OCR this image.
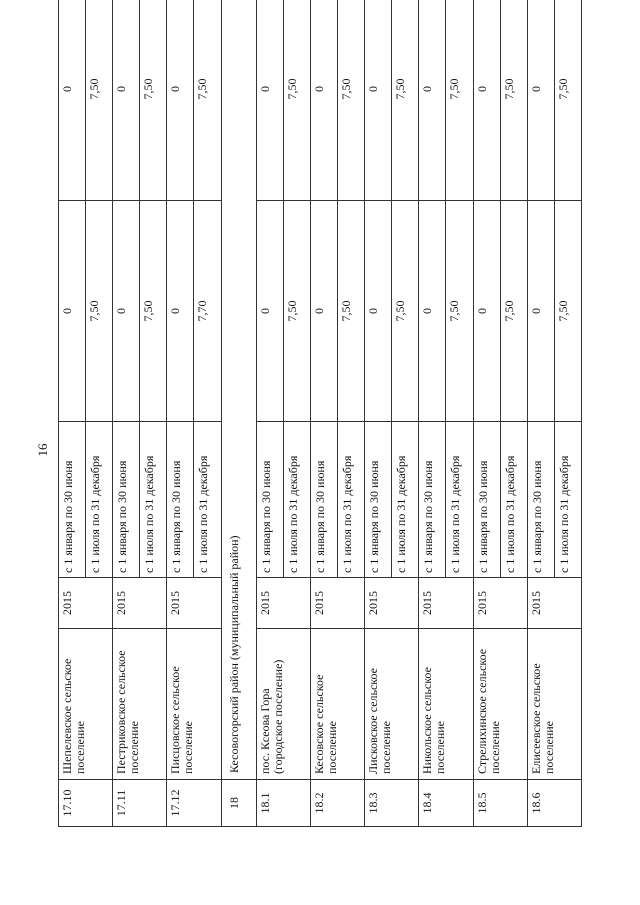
16
17.10	Шепелевское сельское поселение	2015	с 1 января по 30 июня	0	0
			с 1 июля по 31 декабря	7,50	7,50
17.11	Пестриковское сельское поселение	2015	с 1 января по 30 июня	0	0
			с 1 июля по 31 декабря	7,50	7,50
17.12	Писцовское сельское поселение	2015	с 1 января по 30 июня	0	0
			с 1 июля по 31 декабря	7,70	7,50
18	Кесовогорский район (муниципальный район)				
18.1	пос. Ксеова Гора (городское поселение)	2015	с 1 января по 30 июня	0	0
			с 1 июля по 31 декабря	7,50	7,50
18.2	Кесовское сельское поселение	2015	с 1 января по 30 июня	0	0
			с 1 июля по 31 декабря	7,50	7,50
18.3	Лисковское сельское поселение	2015	с 1 января по 30 июня	0	0
			с 1 июля по 31 декабря	7,50	7,50
18.4	Никольское сельское поселение	2015	с 1 января по 30 июня	0	0
			с 1 июля по 31 декабря	7,50	7,50
18.5	Стрелихинское сельское поселение	2015	с 1 января по 30 июня	0	0
			с 1 июля по 31 декабря	7,50	7,50
18.6	Елисеевское сельское поселение	2015	с 1 января по 30 июня	0	0
			с 1 июля по 31 декабря	7,50	7,50
